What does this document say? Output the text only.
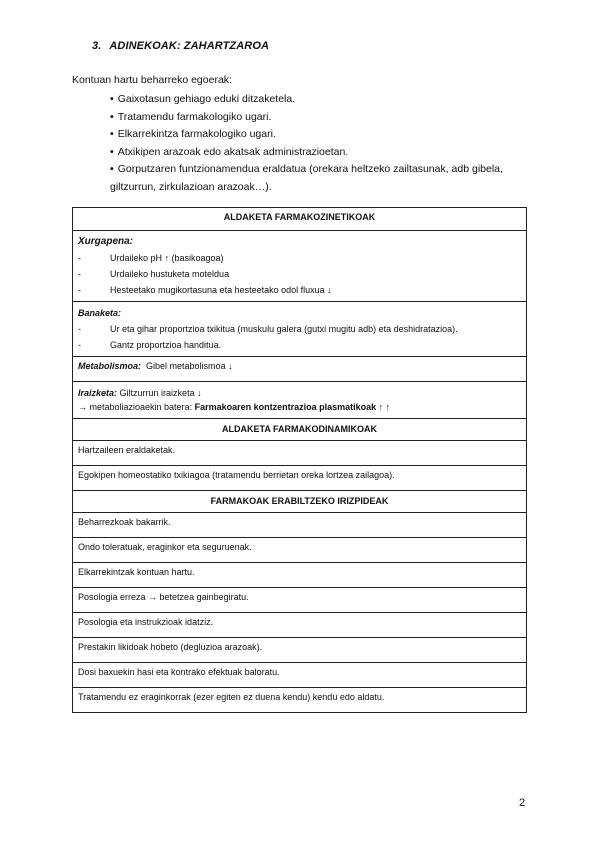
3. ADINEKOAK: ZAHARTZAROA
Kontuan hartu beharreko egoerak:
• Gaixotasun gehiago eduki ditzaketela.
• Tratamendu farmakologiko ugari.
• Elkarrekintza farmakologiko ugari.
• Atxikipen arazoak edo akatsak administrazioetan.
• Gorputzaren funtzionamendua eraldatua (orekara heltzeko zailtasunak, adb gibela, giltzurrun, zirkulazioan arazoak…).
ALDAKETA FARMAKOZINETIKOAK

Xurgapena:
-	Urdaileko pH ↑ (basikoagoa)
-	Urdaileko hustuketa moteldua
-	Hesteetako mugikortasuna eta hesteetako odol fluxua ↓

Banaketa:
-	Ur eta gihar proportzioa txikitua (muskulu galera (gutxi mugitu adb) eta deshidratazioa).
-	Gantz proportzioa handitua.

Metabolismoa: Gibel metabolismoa ↓

Iraizketa: Giltzurrun iraizketa ↓
→ metaboliazioaekin batera: Farmakoaren kontzentrazioa plasmatikoak ↑ ↑

ALDAKETA FARMAKODINAMIKOAK
Hartzaileen eraldaketak.
Egokipen homeostatiko txikiagoa (tratamendu berrietan oreka lortzea zailagoa).
FARMAKOAK ERABILTZEKO IRIZPIDEAK
Beharrezkoak bakarrik.
Ondo toleratuak, eraginkor eta seguruenak.
Elkarrekintzak kontuan hartu.
Posologia erreza → betetzea gainbegiratu.
Posologia eta instrukzioak idatziz.
Prestakin likidoak hobeto (degluzioa arazoak).
Dosi baxuekin hasi eta kontrako efektuak baloratu.
Tratamendu ez eraginkorrak (ezer egiten ez duena kendu) kendu edo aldatu.
2
